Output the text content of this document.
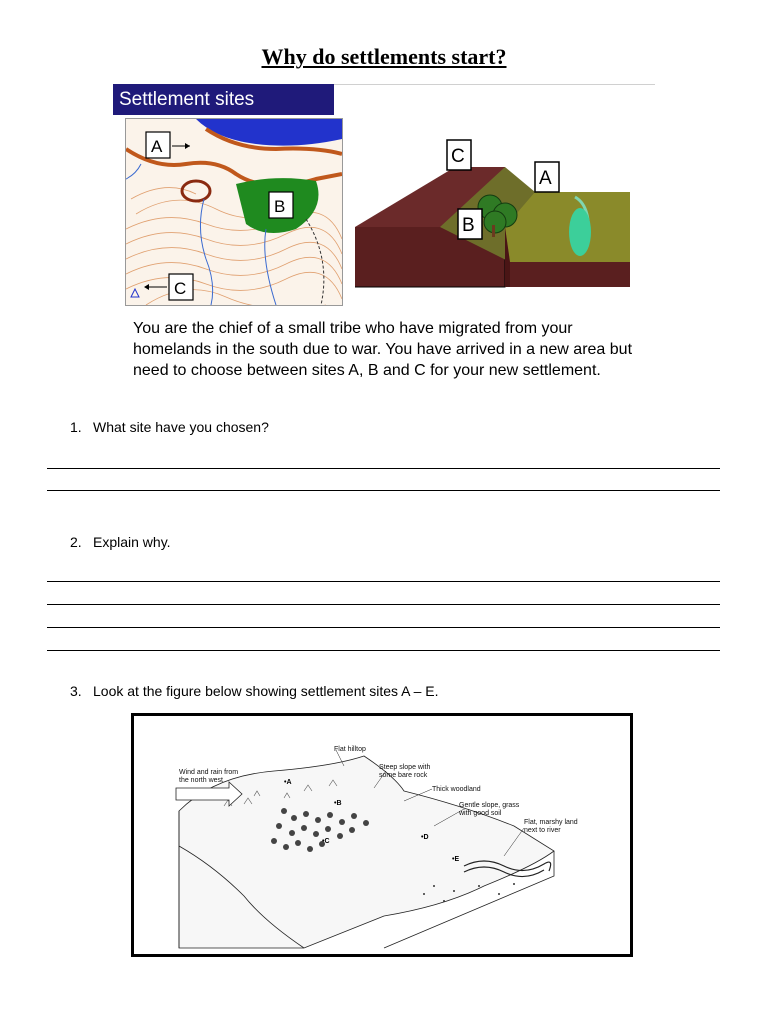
Why do settlements start?
Settlement sites
A
B
C
C
A
B
You are the chief of a small tribe who have migrated from your homelands in the south due to war. You have arrived in a new area but need to choose between sites A, B and C for your new settlement.
1. What site have you chosen?
2. Explain why.
3. Look at the figure below showing settlement sites A – E.
Flat hilltop
Steep slope with some bare rock
Wind and rain from the north west
Thick woodland
Gentle slope, grass with good soil
Flat, marshy land next to river
•A
•B
•C
•D
•E
